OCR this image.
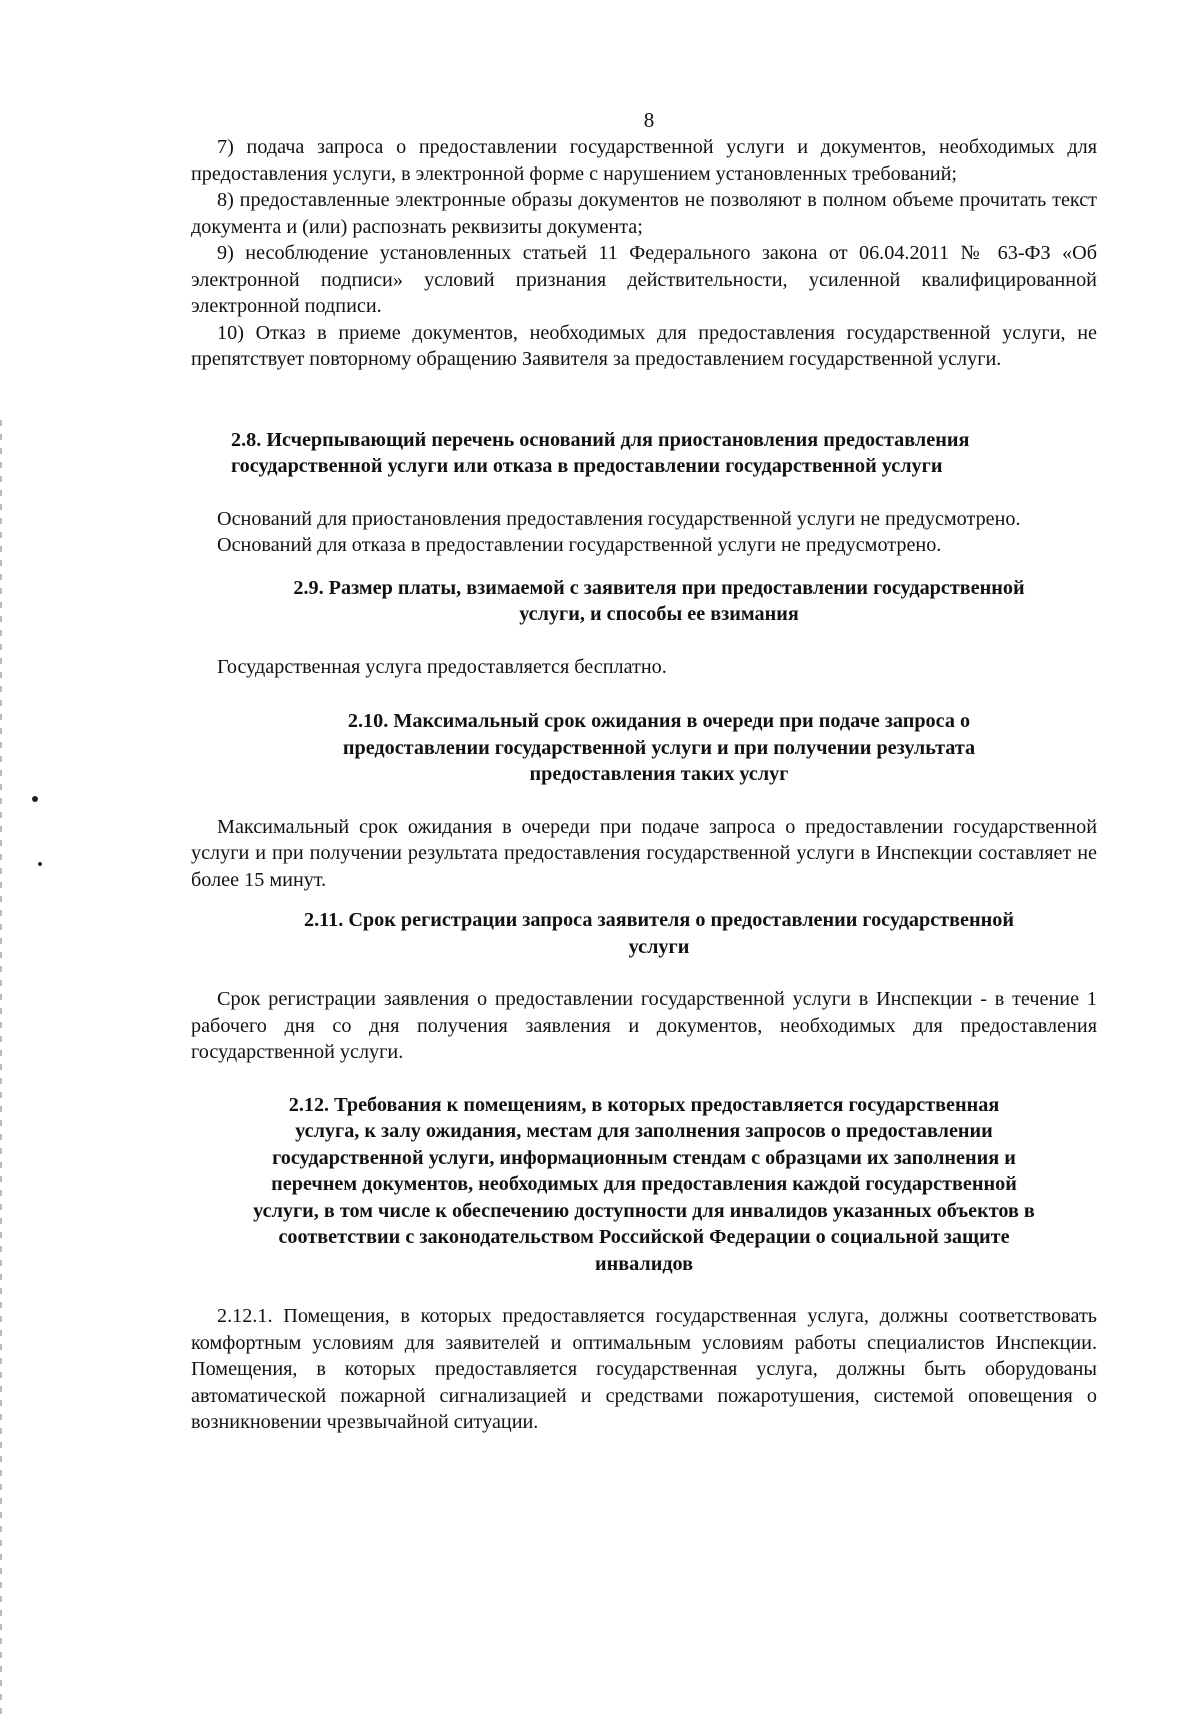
8

7) подача запроса о предоставлении государственной услуги и документов, необходимых для предоставления услуги, в электронной форме с нарушением установленных требований;

8) предоставленные электронные образы документов не позволяют в полном объеме прочитать текст документа и (или) распознать реквизиты документа;

9) несоблюдение установленных статьей 11 Федерального закона от 06.04.2011 № 63-ФЗ «Об электронной подписи» условий признания действительности, усиленной квалифицированной электронной подписи.

10) Отказ в приеме документов, необходимых для предоставления государственной услуги, не препятствует повторному обращению Заявителя за предоставлением государственной услуги.

2.8. Исчерпывающий перечень оснований для приостановления предоставления
государственной услуги или отказа в предоставлении государственной услуги

Оснований для приостановления предоставления государственной услуги не предусмотрено.

Оснований для отказа в предоставлении государственной услуги не предусмотрено.

2.9. Размер платы, взимаемой с заявителя при предоставлении государственной
услуги, и способы ее взимания

Государственная услуга предоставляется бесплатно.

2.10. Максимальный срок ожидания в очереди при подаче запроса о
предоставлении государственной услуги и при получении результата
предоставления таких услуг

Максимальный срок ожидания в очереди при подаче запроса о предоставлении государственной услуги и при получении результата предоставления государственной услуги в Инспекции составляет не более 15 минут.

2.11. Срок регистрации запроса заявителя о предоставлении государственной
услуги

Срок регистрации заявления о предоставлении государственной услуги в Инспекции - в течение 1 рабочего дня со дня получения заявления и документов, необходимых для предоставления государственной услуги.

2.12. Требования к помещениям, в которых предоставляется государственная
услуга, к залу ожидания, местам для заполнения запросов о предоставлении
государственной услуги, информационным стендам с образцами их заполнения и
перечнем документов, необходимых для предоставления каждой государственной
услуги, в том числе к обеспечению доступности для инвалидов указанных объектов в
соответствии с законодательством Российской Федерации о социальной защите
инвалидов

2.12.1. Помещения, в которых предоставляется государственная услуга, должны соответствовать комфортным условиям для заявителей и оптимальным условиям работы специалистов Инспекции. Помещения, в которых предоставляется государственная услуга, должны быть оборудованы автоматической пожарной сигнализацией и средствами пожаротушения, системой оповещения о возникновении чрезвычайной ситуации.
